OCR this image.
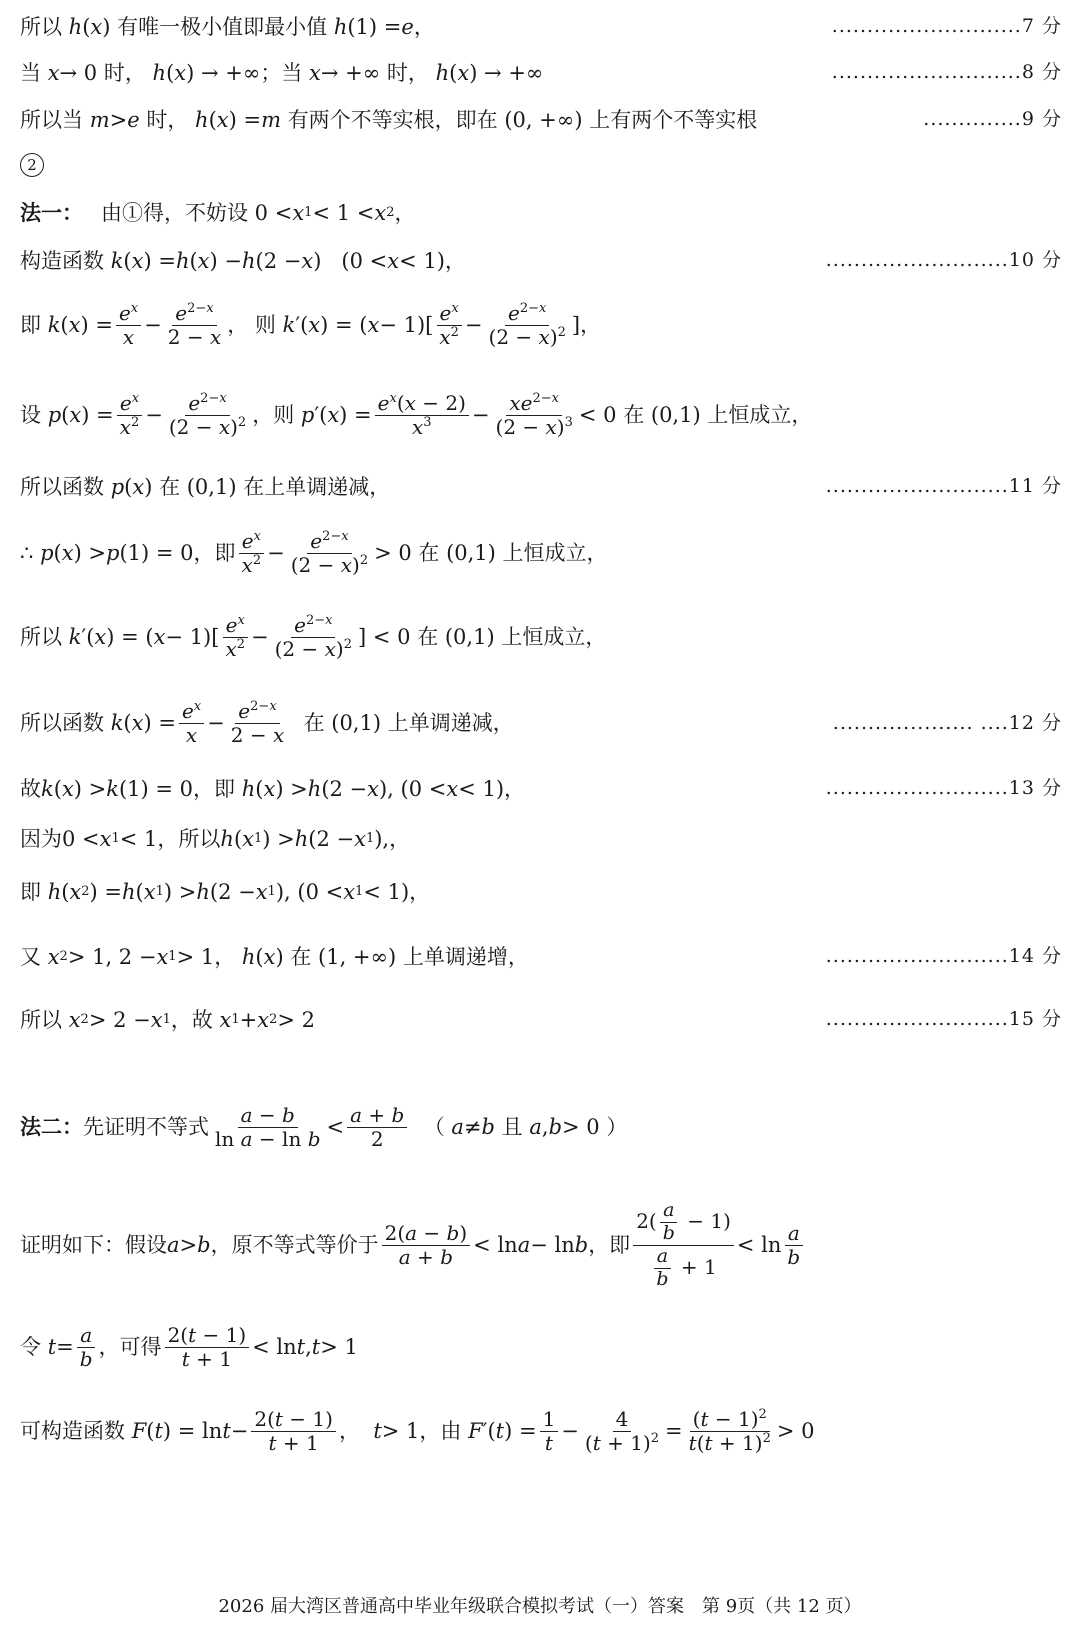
所以 h ( x ) 有唯一极小值即最小值
h (1) = e ，	...........................7 分
当
x → 0 时，
h ( x ) → +∞ ；当
x → +∞ 时，
h ( x ) → +∞	...........................8 分
所以当
m > e
时，
h ( x ) = m
有两个不等实根，即在 (0, +∞) 上有两个不等实根	..............9 分
2
法一： 由①得，不妨设 0 < x 1 < 1 < x 2 ，
构造函数
k ( x ) = h ( x ) − h (2 − x )   (0 < x < 1) ，	..........................10 分
即
k ( x ) = $\frac{e^x}{x} - \frac{e^{2-x}}{2 - x}$ ， 则
k ′( x ) = ( $x - 1)[ \frac{e^x}{x^2} - \frac{e^{2-x}}{(2 - x)^2}$ ] ，
设
p ( x ) = $\frac{e^x}{x^2} - \frac{e^{2-x}}{(2 - x)^2}$ ，则
p ′( x ) = $\frac{e^x(x - 2)}{x^3} - \frac{xe^{2-x}}{(2 - x)^3} < 0$ 在 (0,1) 上恒成立，
所以函数
p ( x ) 在 (0,1) 在上单调递减，	..........................11 分
∴
p ( x ) > p (1) = 0 ，即 $\frac{e^x}{x^2} - \frac{e^{2-x}}{(2 - x)^2} > 0$ 在 (0,1) 上恒成立，
所以
k ′( x ) = ( $x - 1)[ \frac{e^x}{x^2} - \frac{e^{2-x}}{(2 - x)^2}$ ] < 0 在 (0,1) 上恒成立，
所以函数
k ( x ) = $\frac{e^x}{x} - \frac{e^{2-x}}{2 - x}$
在 (0,1) 上单调递减，	.................... ....12 分
故 k ( x ) > k (1) = 0 ，即
h ( x ) > h (2 − x ), (0 < x < 1) ，	..........................13 分
因为 0 < x 1 < 1 ，所以 h ( x 1 ) > h (2 − x 1 ), ，
即
h ( x 2 ) = h ( x 1 ) > h (2 − x 1 ), (0 < x 1 < 1) ，
又
x 2 > 1, 2 − x 1 > 1 ，
h ( x ) 在 (1, +∞) 上单调递增，	..........................14 分
所以
x 2 > 2 − x 1 ，故
x 1 + x 2 > 2	..........................15 分
法二： 先证明不等式 $\frac{a - b}{\text{ln a − ln b}} < \frac{a + b}{2}$
（
a ≠ b
且
a , b > 0 ）
证明如下：假设 a > b ，原不等式等价于 $\frac{2(a - b)}{a + b} < \ln a - \ln b$ ，即 $\frac{2( \frac{a}{b} - 1)}{\frac{a}{b} + 1} < \ln \frac{a}{b}$
令
$t = \frac{a}{b}$ ，可得 $\frac{2(t - 1)}{t + 1} < \ln t$ , t > 1
可构造函数
F ( t ) = $\ln t - \frac{2(t - 1)}{t + 1}$ ，
t > 1 ，由
F ′( t ) = $\frac{1}{t} - \frac{4}{(t + 1)^2} = \frac{(t - 1)^2}{t(t + 1)^2} > 0$
2026 届大湾区普通高中毕业年级联合模拟考试（一）答案　第 9页（共 12 页）
